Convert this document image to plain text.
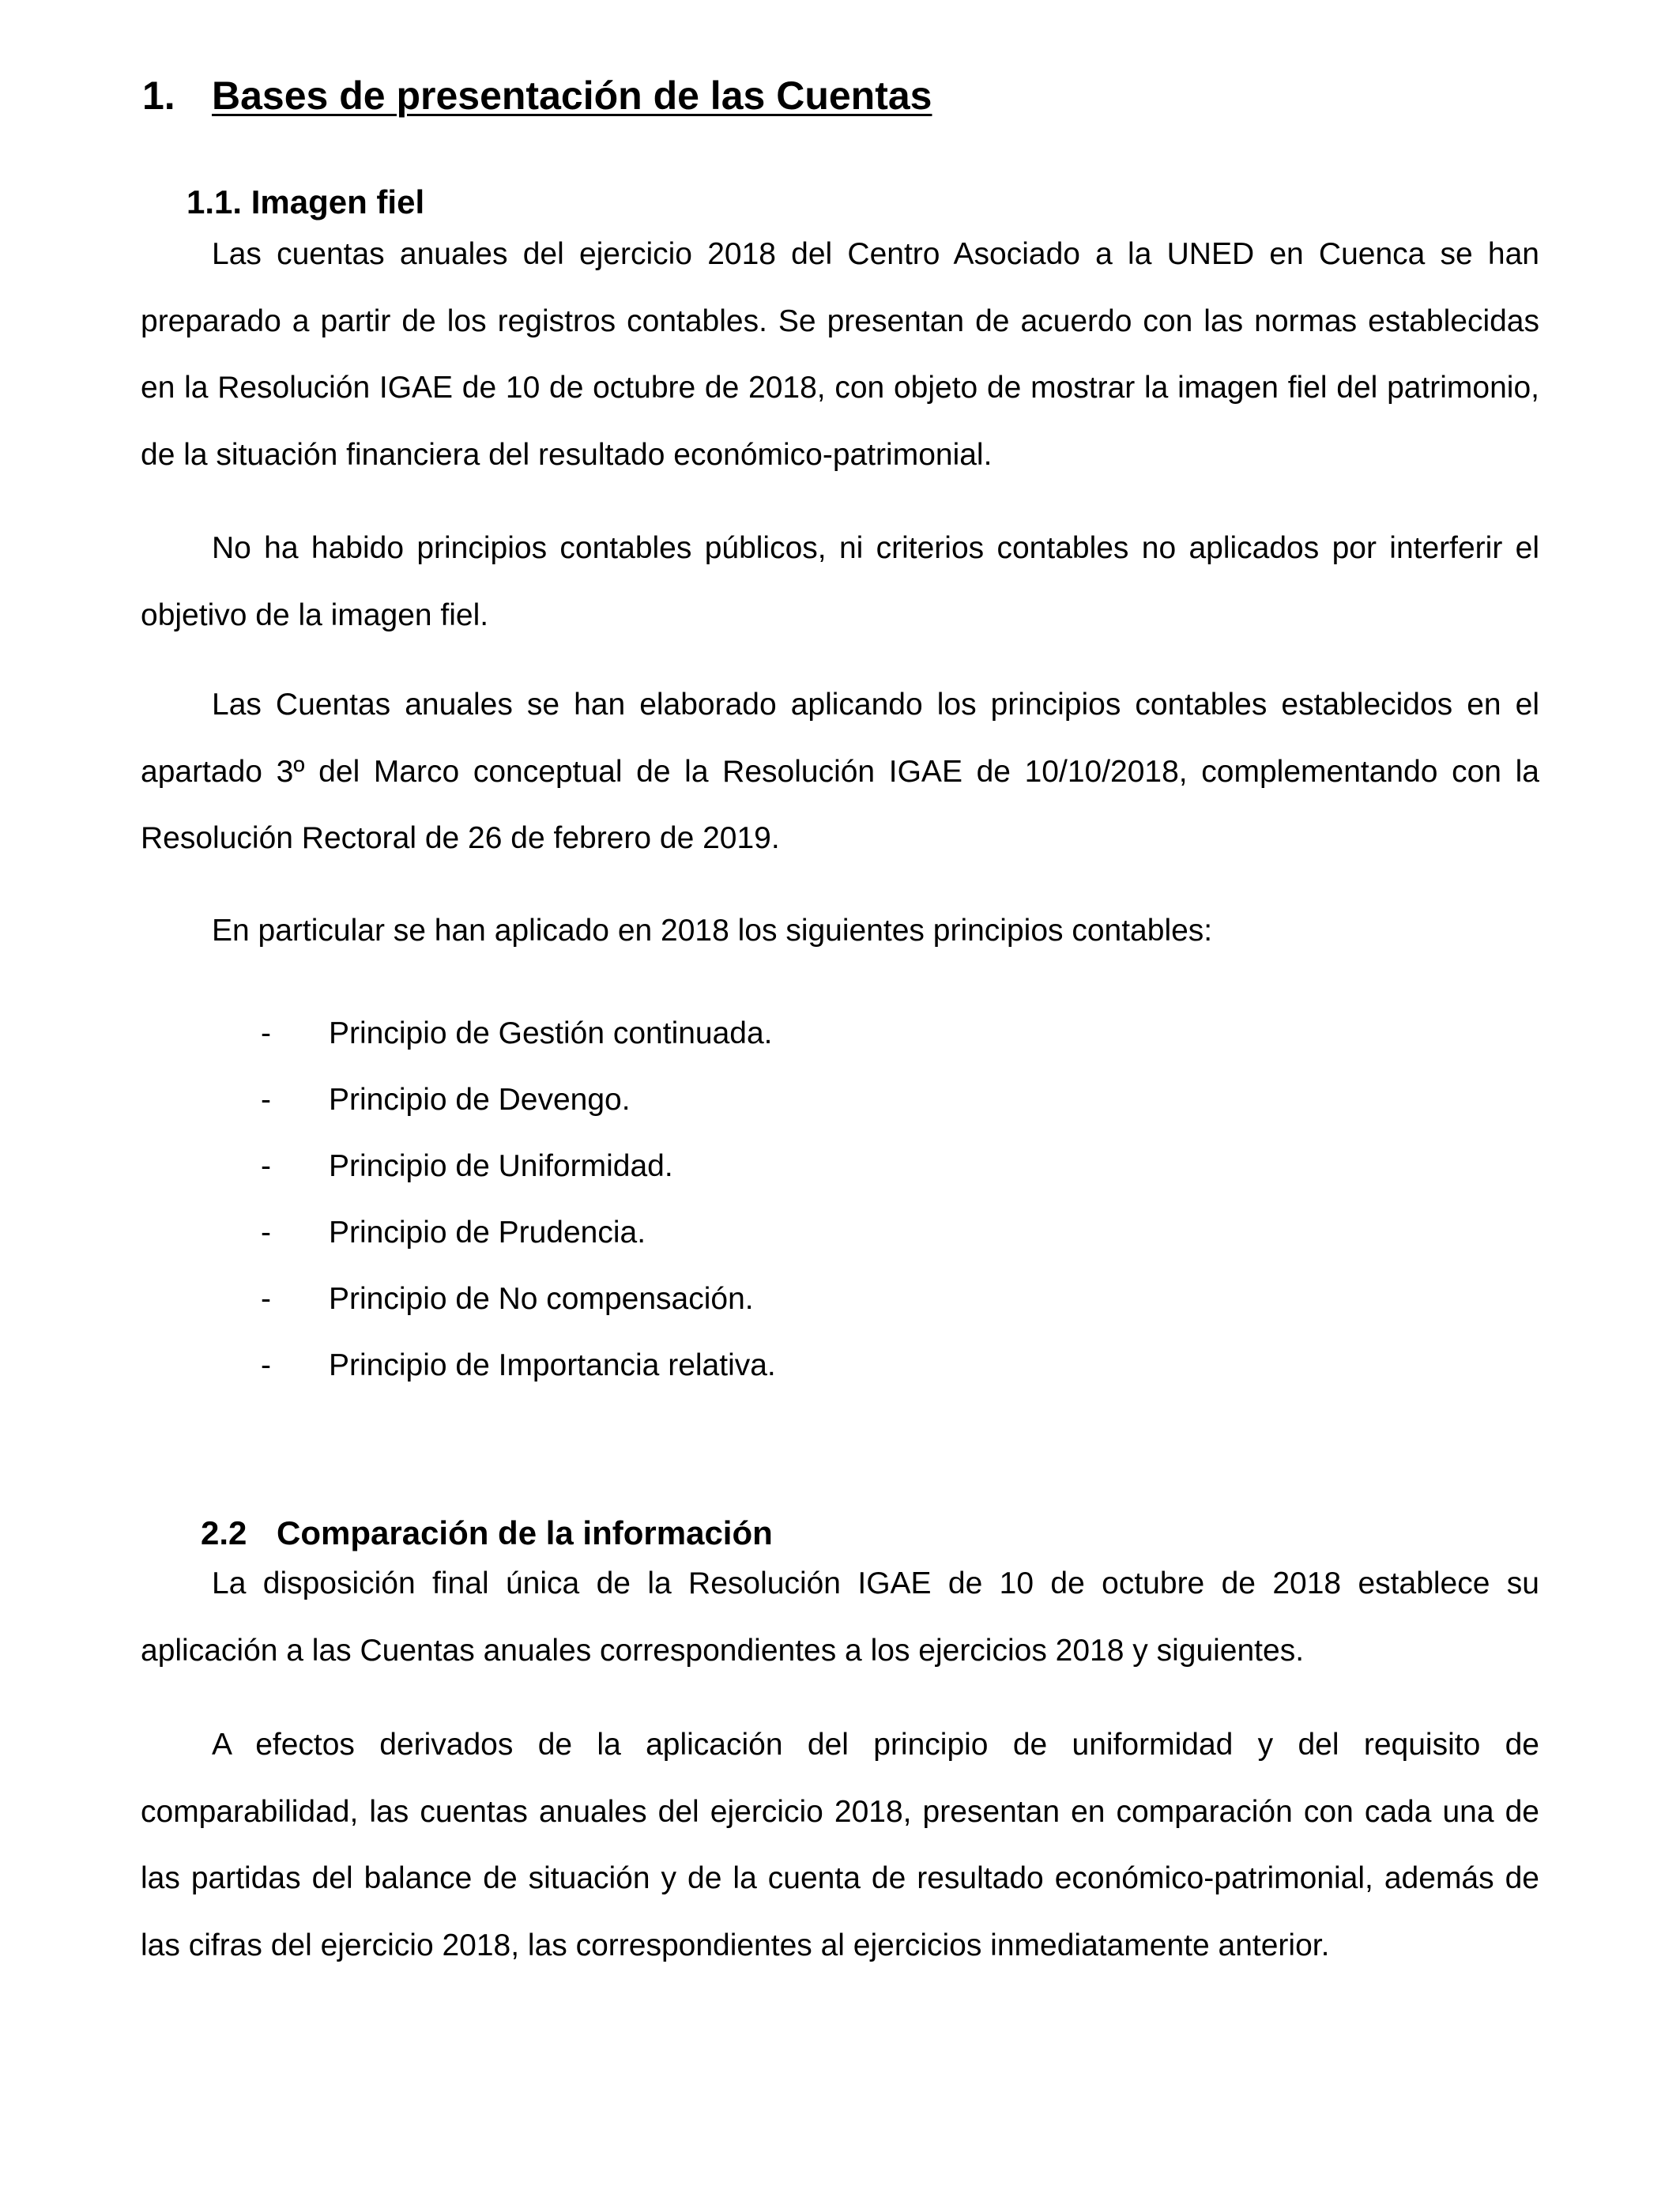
1. Bases de presentación de las Cuentas
1.1. Imagen fiel

Las cuentas anuales del ejercicio 2018 del Centro Asociado a la UNED en Cuenca se han preparado a partir de los registros contables. Se presentan de acuerdo con las normas establecidas en la Resolución IGAE de 10 de octubre de 2018, con objeto de mostrar la imagen fiel del patrimonio, de la situación financiera del resultado económico-patrimonial.

No ha habido principios contables públicos, ni criterios contables no aplicados por interferir el objetivo de la imagen fiel.

Las Cuentas anuales se han elaborado aplicando los principios contables establecidos en el apartado 3º del Marco conceptual de la Resolución IGAE de 10/10/2018, complementando con la Resolución Rectoral de 26 de febrero de 2019.

En particular se han aplicado en 2018 los siguientes principios contables:

- Principio de Gestión continuada.
- Principio de Devengo.
- Principio de Uniformidad.
- Principio de Prudencia.
- Principio de No compensación.
- Principio de Importancia relativa.
2.2 Comparación de la información

La disposición final única de la Resolución IGAE de 10 de octubre de 2018 establece su aplicación a las Cuentas anuales correspondientes a los ejercicios 2018 y siguientes.

A efectos derivados de la aplicación del principio de uniformidad y del requisito de comparabilidad, las cuentas anuales del ejercicio 2018, presentan en comparación con cada una de las partidas del balance de situación y de la cuenta de resultado económico-patrimonial, además de las cifras del ejercicio 2018, las correspondientes al ejercicios inmediatamente anterior.
